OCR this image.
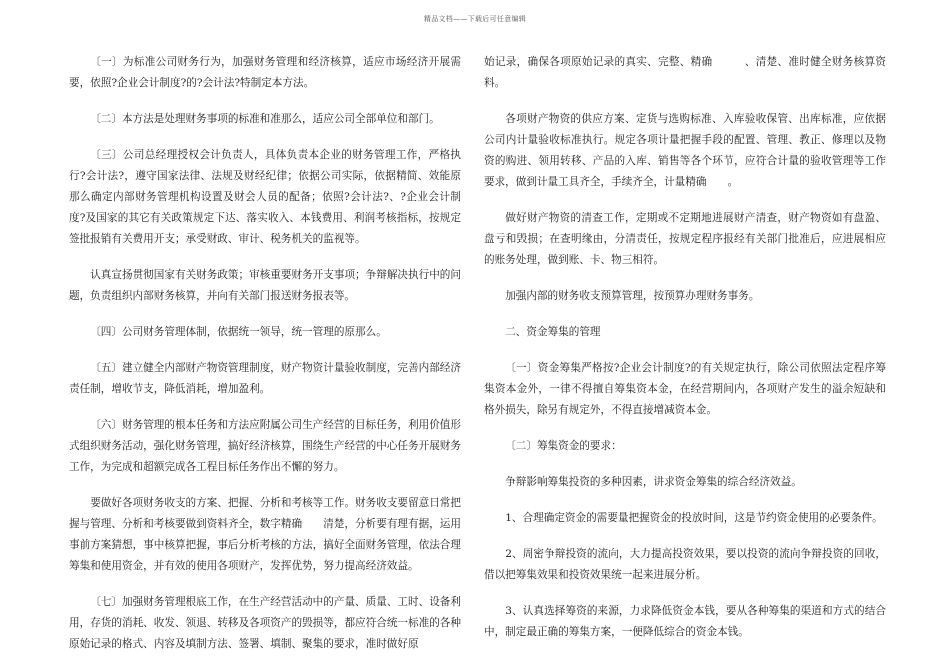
精品文档——下载后可任意编辑

〔一〕为标准公司财务行为，加强财务管理和经济核算，适应市场经济开展需要，依照?企业会计制度?的?会计法?特制定本方法。

〔二〕本方法是处理财务事项的标准和准那么，适应公司全部单位和部门。

〔三〕公司总经理授权会计负责人，具体负责本企业的财务管理工作，严格执行?会计法?，遵守国家法律、法规及财经纪律；依据公司实际，依据精简、效能原那么确定内部财务管理机构设置及财会人员的配备；依照?会计法?、?企业会计制度?及国家的其它有关政策规定下达、落实收入、本钱费用、利润考核指标，按规定签批报销有关费用开支；承受财政、审计、税务机关的监视等。

认真宣扬贯彻国家有关财务政策；审核重要财务开支事项；争辩解决执行中的问题，负责组织内部财务核算，并向有关部门报送财务报表等。

〔四〕公司财务管理体制，依据统一领导，统一管理的原那么。

〔五〕建立健全内部财产物资管理制度，财产物资计量验收制度，完善内部经济责任制，增收节支，降低消耗，增加盈利。

〔六〕财务管理的根本任务和方法应附属公司生产经营的目标任务，利用价值形式组织财务活动，强化财务管理，搞好经济核算，围绕生产经营的中心任务开展财务工作，为完成和超额完成各工程目标任务作出不懈的努力。

要做好各项财务收支的方案、把握、分析和考核等工作。财务收支要留意日常把握与管理、分析和考核要做到资料齐全，数字精确　　清楚，分析要有理有据，运用事前方案猜想，事中核算把握，事后分析考核的方法，搞好全面财务管理，依法合理筹集和使用资金，并有效的使用各项财产，发挥优势，努力提高经济效益。

〔七〕加强财务管理根底工作，在生产经营活动中的产量、质量、工时、设备利用，存货的消耗、收发、领退、转移及各项资产的毁损等，都应符合统一标准的各种原始记录的格式、内容及填制方法、签署、填制、聚集的要求，准时做好原

始记录，确保各项原始记录的真实、完整、精确　　　、清楚、准时健全财务核算资料。

各项财产物资的供应方案、定货与选购标准、入库验收保管、出库标准，应依据公司内计量验收标准执行。规定各项计量把握手段的配置、管理、教正、修理以及物资的购进、领用转移、产品的入库、销售等各个环节，应符合计量的验收管理等工作要求，做到计量工具齐全，手续齐全，计量精确　　。

做好财产物资的清查工作，定期或不定期地进展财产清查，财产物资如有盘盈、盘亏和毁损；在查明缘由，分清责任，按规定程序报经有关部门批准后，应进展相应的账务处理，做到账、卡、物三相符。

加强内部的财务收支预算管理，按预算办理财务事务。

二、资金筹集的管理

〔一〕资金筹集严格按?企业会计制度?的有关规定执行，除公司依照法定程序筹集资本金外，一律不得擅自筹集资本金，在经营期间内，各项财产发生的溢余短缺和格外损失，除另有规定外，不得直接增减资本金。

〔二〕筹集资金的要求：

争辩影响筹集投资的多种因素，讲求资金筹集的综合经济效益。

1、合理确定资金的需要量把握资金的投放时间，这是节约资金使用的必要条件。

2、周密争辩投资的流向，大力提高投资效果，要以投资的流向争辩投资的回收，借以把筹集效果和投资效果统一起来进展分析。

3、认真选择筹资的来源，力求降低资金本钱，要从各种筹集的渠道和方式的结合中，制定最正确的筹集方案，一便降低综合的资金本钱。
